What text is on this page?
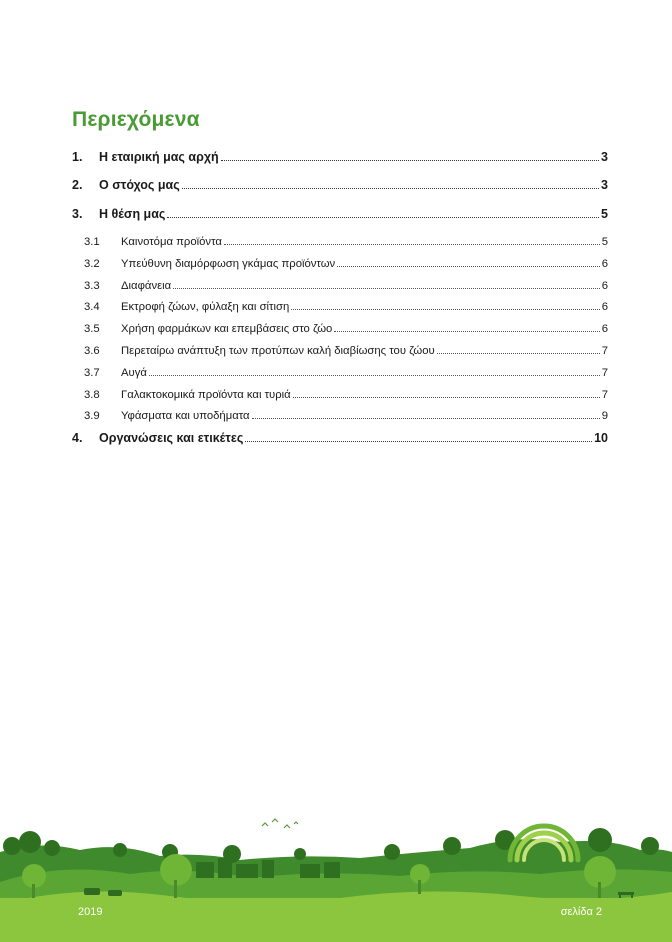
Περιεχόμενα
1.	Η εταιρική μας αρχή	3
2.	Ο στόχος μας	3
3.	Η θέση μας	5
3.1	Καινοτόμα προϊόντα	5
3.2	Υπεύθυνη διαμόρφωση γκάμας προϊόντων	6
3.3	Διαφάνεια	6
3.4	Εκτροφή ζώων, φύλαξη και σίτιση	6
3.5	Χρήση φαρμάκων και επεμβάσεις στο ζώο	6
3.6	Περεταίρω ανάπτυξη των προτύπων καλή διαβίωσης του ζώου	7
3.7	Αυγά	7
3.8	Γαλακτοκομικά προϊόντα και τυριά	7
3.9	Υφάσματα και υποδήματα	9
4.	Οργανώσεις και ετικέτες	10
2019	σελίδα 2
